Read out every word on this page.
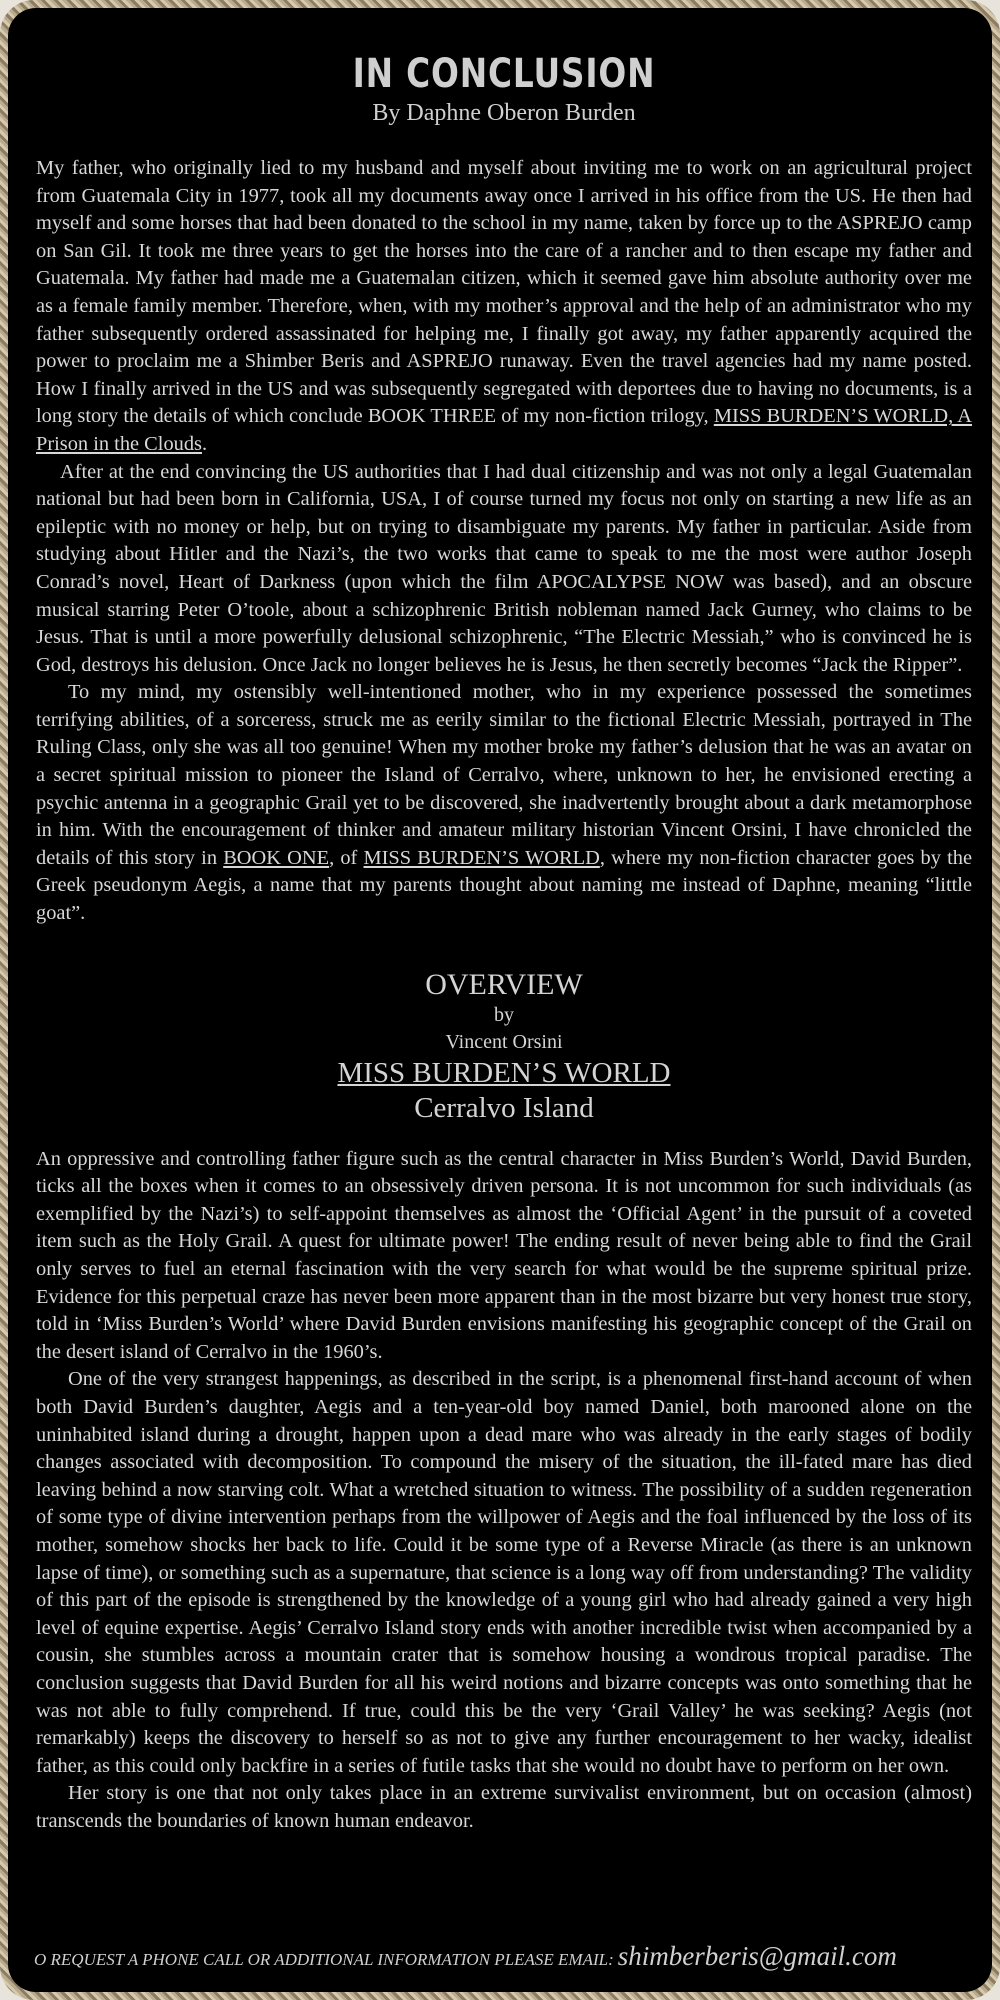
IN CONCLUSION
By Daphne Oberon Burden

My father, who originally lied to my husband and myself about inviting me to work on an agricultural project from Guatemala City in 1977, took all my documents away once I arrived in his office from the US. He then had myself and some horses that had been donated to the school in my name, taken by force up to the ASPREJO camp on San Gil. It took me three years to get the horses into the care of a rancher and to then escape my father and Guatemala. My father had made me a Guatemalan citizen, which it seemed gave him absolute authority over me as a female family member. Therefore, when, with my mother’s approval and the help of an administrator who my father subsequently ordered assassinated for helping me, I finally got away, my father apparently acquired the power to proclaim me a Shimber Beris and ASPREJO runaway. Even the travel agencies had my name posted. How I finally arrived in the US and was subsequently segregated with deportees due to having no documents, is a long story the details of which conclude BOOK THREE of my non-fiction trilogy, MISS BURDEN’S WORLD, A Prison in the Clouds.

After at the end convincing the US authorities that I had dual citizenship and was not only a legal Guatemalan national but had been born in California, USA, I of course turned my focus not only on starting a new life as an epileptic with no money or help, but on trying to disambiguate my parents. My father in particular. Aside from studying about Hitler and the Nazi’s, the two works that came to speak to me the most were author Joseph Conrad’s novel, Heart of Darkness (upon which the film APOCALYPSE NOW was based), and an obscure musical starring Peter O’toole, about a schizophrenic British nobleman named Jack Gurney, who claims to be Jesus. That is until a more powerfully delusional schizophrenic, “The Electric Messiah,” who is convinced he is God, destroys his delusion. Once Jack no longer believes he is Jesus, he then secretly becomes “Jack the Ripper”.

To my mind, my ostensibly well-intentioned mother, who in my experience possessed the sometimes terrifying abilities, of a sorceress, struck me as eerily similar to the fictional Electric Messiah, portrayed in The Ruling Class, only she was all too genuine! When my mother broke my father’s delusion that he was an avatar on a secret spiritual mission to pioneer the Island of Cerralvo, where, unknown to her, he envisioned erecting a psychic antenna in a geographic Grail yet to be discovered, she inadvertently brought about a dark metamorphose in him. With the encouragement of thinker and amateur military historian Vincent Orsini, I have chronicled the details of this story in BOOK ONE, of MISS BURDEN’S WORLD, where my non-fiction character goes by the Greek pseudonym Aegis, a name that my parents thought about naming me instead of Daphne, meaning “little goat”.

OVERVIEW
by
Vincent Orsini
MISS BURDEN’S WORLD
Cerralvo Island

An oppressive and controlling father figure such as the central character in Miss Burden’s World, David Burden, ticks all the boxes when it comes to an obsessively driven persona. It is not uncommon for such individuals (as exemplified by the Nazi’s) to self-appoint themselves as almost the ‘Official Agent’ in the pursuit of a coveted item such as the Holy Grail. A quest for ultimate power! The ending result of never being able to find the Grail only serves to fuel an eternal fascination with the very search for what would be the supreme spiritual prize. Evidence for this perpetual craze has never been more apparent than in the most bizarre but very honest true story, told in ‘Miss Burden’s World’ where David Burden envisions manifesting his geographic concept of the Grail on the desert island of Cerralvo in the 1960’s.

One of the very strangest happenings, as described in the script, is a phenomenal first-hand account of when both David Burden’s daughter, Aegis and a ten-year-old boy named Daniel, both marooned alone on the uninhabited island during a drought, happen upon a dead mare who was already in the early stages of bodily changes associated with decomposition. To compound the misery of the situation, the ill-fated mare has died leaving behind a now starving colt. What a wretched situation to witness. The possibility of a sudden regeneration of some type of divine intervention perhaps from the willpower of Aegis and the foal influenced by the loss of its mother, somehow shocks her back to life. Could it be some type of a Reverse Miracle (as there is an unknown lapse of time), or something such as a supernature, that science is a long way off from understanding? The validity of this part of the episode is strengthened by the knowledge of a young girl who had already gained a very high level of equine expertise. Aegis’ Cerralvo Island story ends with another incredible twist when accompanied by a cousin, she stumbles across a mountain crater that is somehow housing a wondrous tropical paradise. The conclusion suggests that David Burden for all his weird notions and bizarre concepts was onto something that he was not able to fully comprehend. If true, could this be the very ‘Grail Valley’ he was seeking? Aegis (not remarkably) keeps the discovery to herself so as not to give any further encouragement to her wacky, idealist father, as this could only backfire in a series of futile tasks that she would no doubt have to perform on her own.

Her story is one that not only takes place in an extreme survivalist environment, but on occasion (almost) transcends the boundaries of known human endeavor.

O REQUEST A PHONE CALL OR ADDITIONAL INFORMATION PLEASE EMAIL: shimberberis@gmail.com
